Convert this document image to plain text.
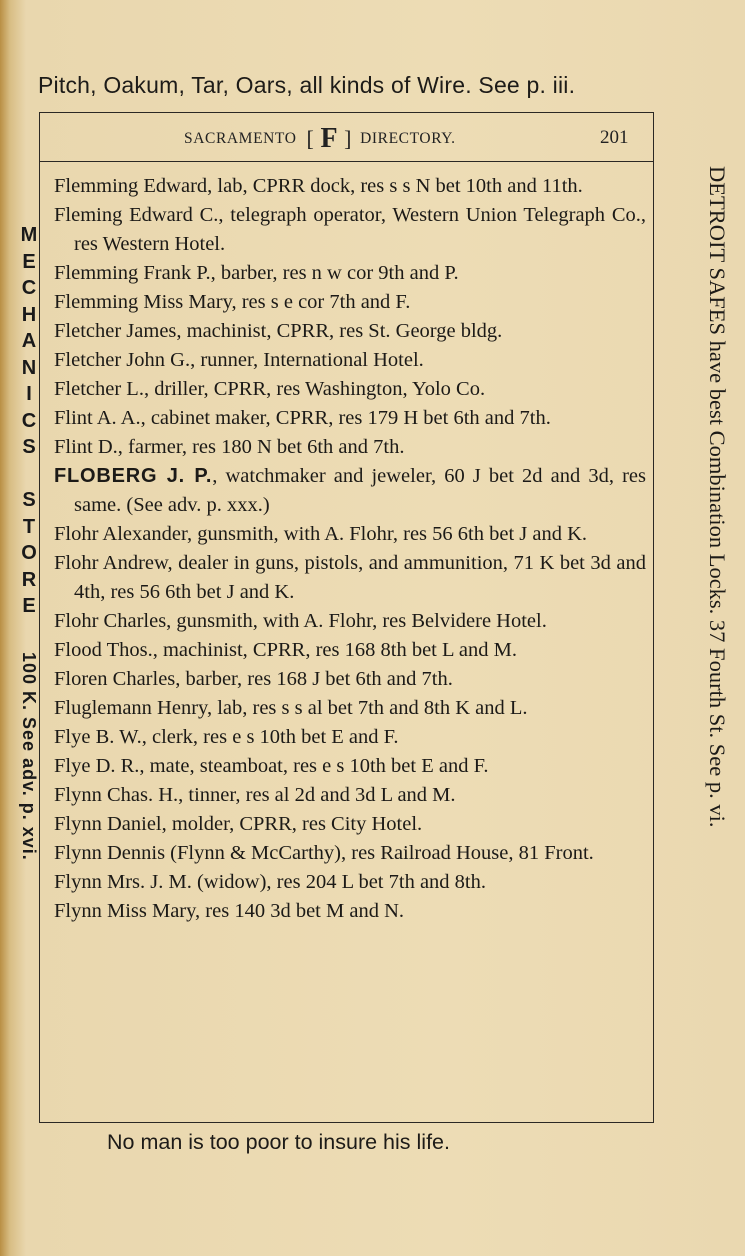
Pitch, Oakum, Tar, Oars, all kinds of Wire. See p. iii.
SACRAMENTO [ F ] DIRECTORY.	201
Flemming Edward, lab, CPRR dock, res s s N bet 10th and 11th.
Fleming Edward C., telegraph operator, Western Union Telegraph Co., res Western Hotel.
Flemming Frank P., barber, res n w cor 9th and P.
Flemming Miss Mary, res s e cor 7th and F.
Fletcher James, machinist, CPRR, res St. George bldg.
Fletcher John G., runner, International Hotel.
Fletcher L., driller, CPRR, res Washington, Yolo Co.
Flint A. A., cabinet maker, CPRR, res 179 H bet 6th and 7th.
Flint D., farmer, res 180 N bet 6th and 7th.
FLOBERG J. P., watchmaker and jeweler, 60 J bet 2d and 3d, res same. (See adv. p. xxx.)
Flohr Alexander, gunsmith, with A. Flohr, res 56 6th bet J and K.
Flohr Andrew, dealer in guns, pistols, and ammunition, 71 K bet 3d and 4th, res 56 6th bet J and K.
Flohr Charles, gunsmith, with A. Flohr, res Belvidere Hotel.
Flood Thos., machinist, CPRR, res 168 8th bet L and M.
Floren Charles, barber, res 168 J bet 6th and 7th.
Fluglemann Henry, lab, res s s al bet 7th and 8th K and L.
Flye B. W., clerk, res e s 10th bet E and F.
Flye D. R., mate, steamboat, res e s 10th bet E and F.
Flynn Chas. H., tinner, res al 2d and 3d L and M.
Flynn Daniel, molder, CPRR, res City Hotel.
Flynn Dennis (Flynn & McCarthy), res Railroad House, 81 Front.
Flynn Mrs. J. M. (widow), res 204 L bet 7th and 8th.
Flynn Miss Mary, res 140 3d bet M and N.
No man is too poor to insure his life.
DETROIT SAFES have best Combination Locks. 37 Fourth St. See p. vi.
M
E
C
H
A
N
I
C
S
S
T
O
R
E
100 K. See adv. p. xvi.
